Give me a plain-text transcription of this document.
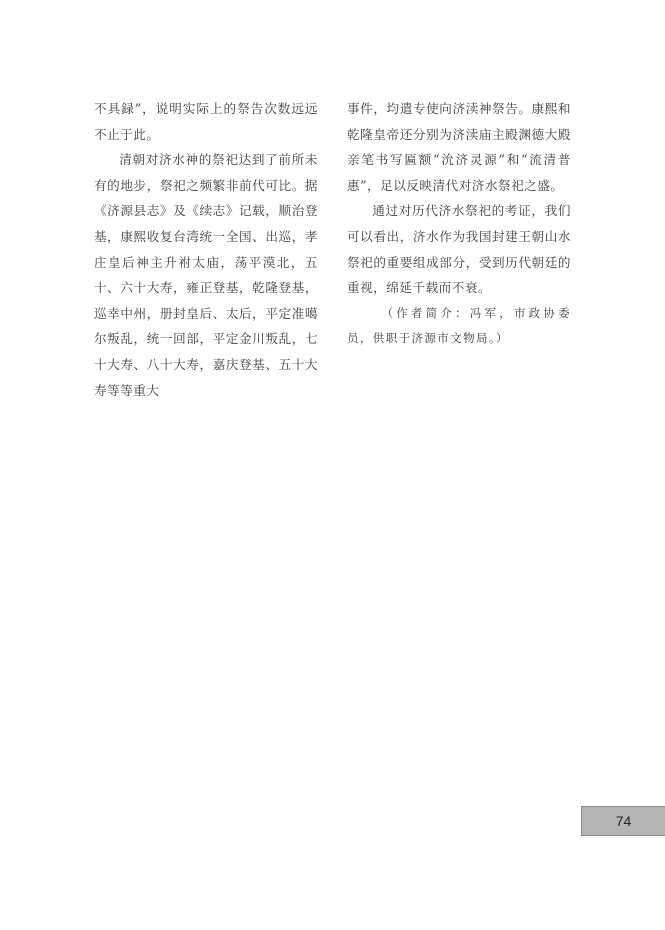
不具録”，说明实际上的祭告次数远远不止于此。

清朝对济水神的祭祀达到了前所未有的地步，祭祀之频繁非前代可比。据《济源县志》及《续志》记载，顺治登基，康熙收复台湾统一全国、出巡，孝庄皇后神主升祔太庙，荡平漠北，五十、六十大寿，雍正登基，乾隆登基，巡幸中州，册封皇后、太后，平定准噶尔叛乱，统一回部，平定金川叛乱，七十大寿、八十大寿，嘉庆登基、五十大寿等等重大

事件，均遣专使向济渎神祭告。康熙和乾隆皇帝还分别为济渎庙主殿渊德大殿亲笔书写匾额“沇济灵源”和“流清普惠”，足以反映清代对济水祭祀之盛。

通过对历代济水祭祀的考证，我们可以看出，济水作为我国封建王朝山水祭祀的重要组成部分，受到历代朝廷的重视，绵延千载而不衰。

（作者简介：冯军，市政协委员，供职于济源市文物局。）

74
